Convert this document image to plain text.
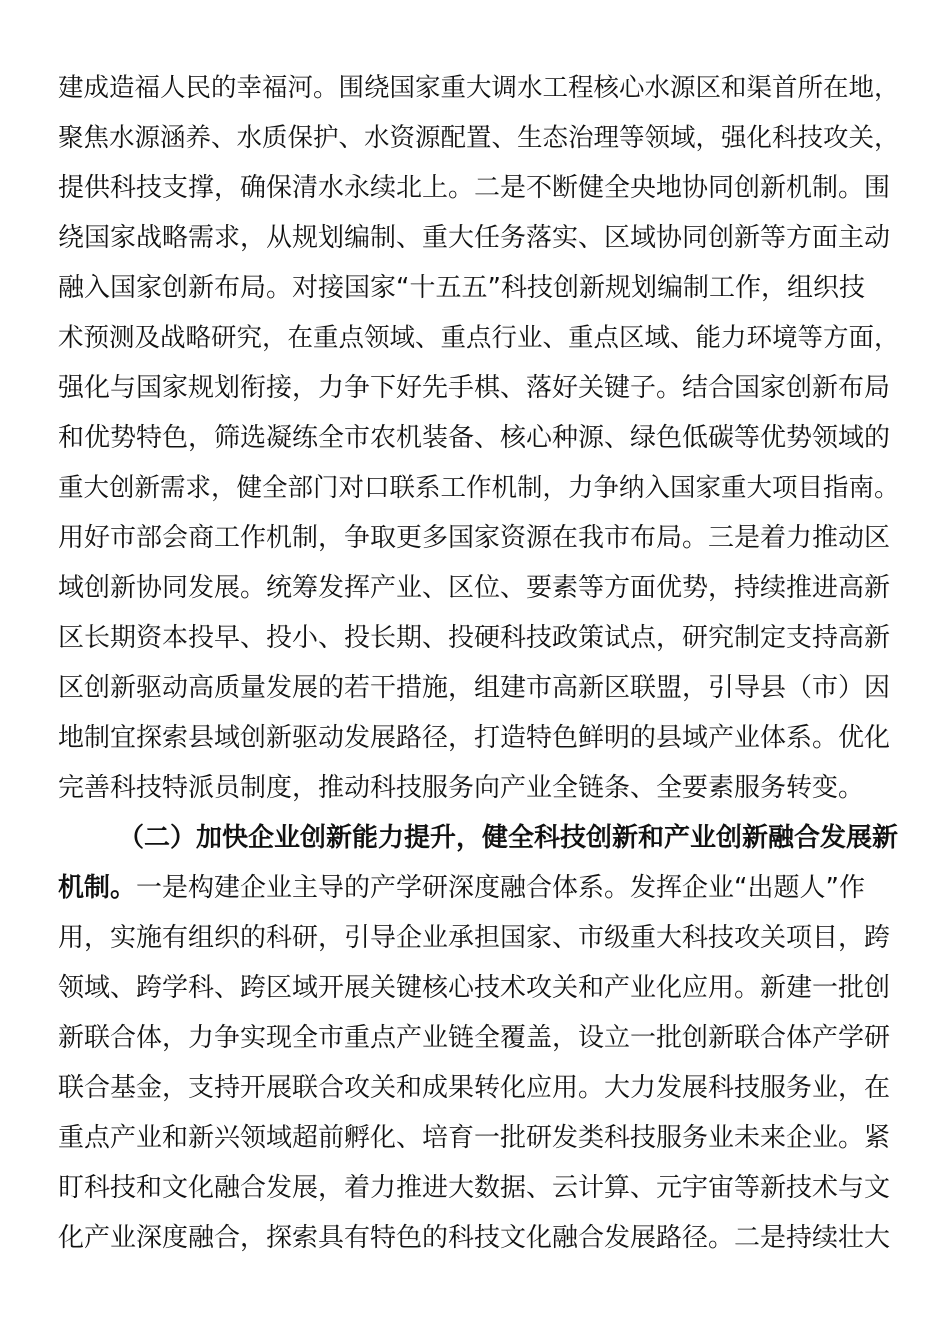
建成造福人民的幸福河。围绕国家重大调水工程核心水源区和渠首所在地，
聚焦水源涵养、水质保护、水资源配置、生态治理等领域，强化科技攻关，
提供科技支撑，确保清水永续北上。二是不断健全央地协同创新机制。围
绕国家战略需求，从规划编制、重大任务落实、区域协同创新等方面主动
融入国家创新布局。对接国家“十五五”科技创新规划编制工作，组织技
术预测及战略研究，在重点领域、重点行业、重点区域、能力环境等方面，
强化与国家规划衔接，力争下好先手棋、落好关键子。结合国家创新布局
和优势特色，筛选凝练全市农机装备、核心种源、绿色低碳等优势领域的
重大创新需求，健全部门对口联系工作机制，力争纳入国家重大项目指南。
用好市部会商工作机制，争取更多国家资源在我市布局。三是着力推动区
域创新协同发展。统筹发挥产业、区位、要素等方面优势，持续推进高新
区长期资本投早、投小、投长期、投硬科技政策试点，研究制定支持高新
区创新驱动高质量发展的若干措施，组建市高新区联盟，引导县（市）因
地制宜探索县域创新驱动发展路径，打造特色鲜明的县域产业体系。优化
完善科技特派员制度，推动科技服务向产业全链条、全要素服务转变。
（二）加快企业创新能力提升，健全科技创新和产业创新融合发展新
机制。一是构建企业主导的产学研深度融合体系。发挥企业“出题人”作
用，实施有组织的科研，引导企业承担国家、市级重大科技攻关项目，跨
领域、跨学科、跨区域开展关键核心技术攻关和产业化应用。新建一批创
新联合体，力争实现全市重点产业链全覆盖，设立一批创新联合体产学研
联合基金，支持开展联合攻关和成果转化应用。大力发展科技服务业，在
重点产业和新兴领域超前孵化、培育一批研发类科技服务业未来企业。紧
盯科技和文化融合发展，着力推进大数据、云计算、元宇宙等新技术与文
化产业深度融合，探索具有特色的科技文化融合发展路径。二是持续壮大
